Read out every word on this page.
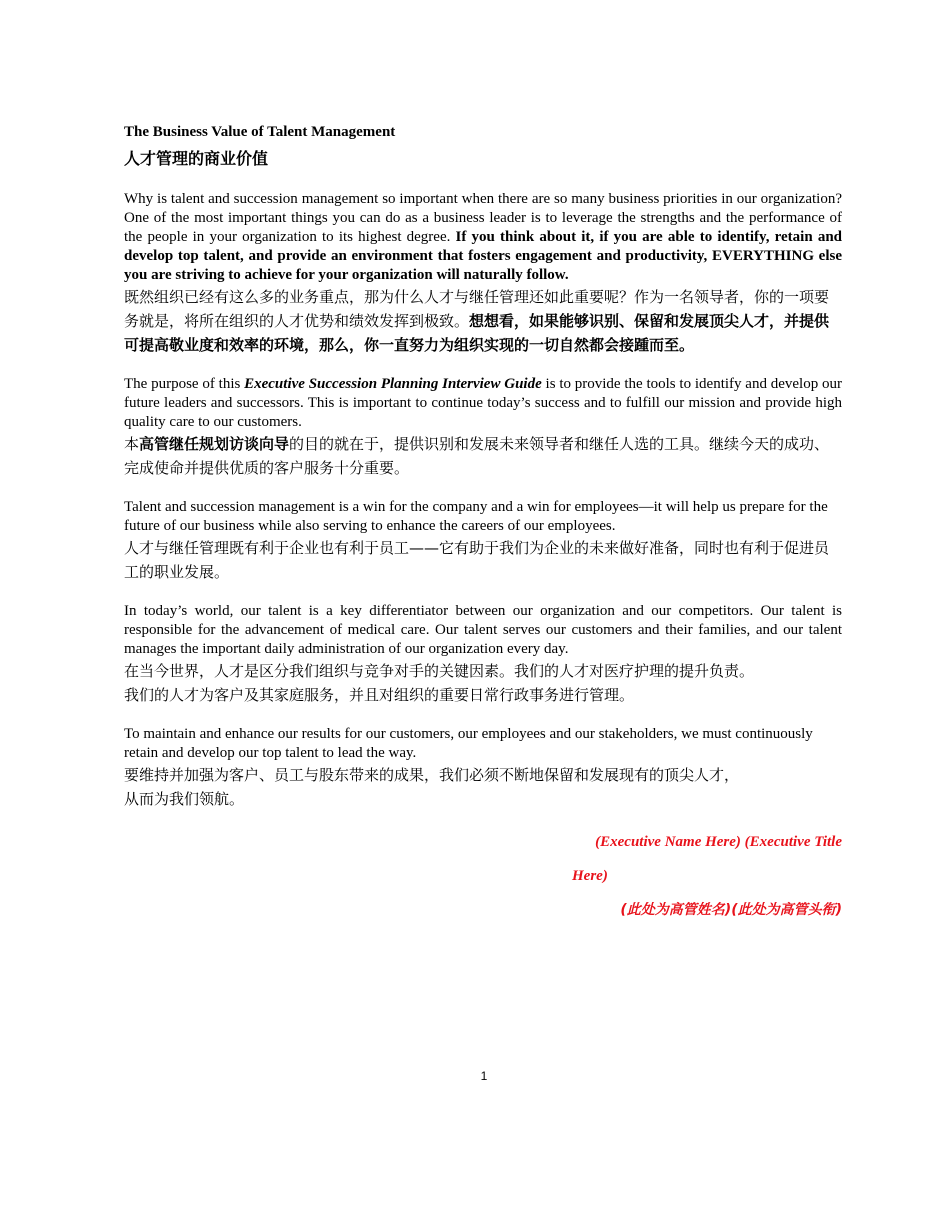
The Business Value of Talent Management

人才管理的商业价值

Why is talent and succession management so important when there are so many business priorities in our organization? One of the most important things you can do as a business leader is to leverage the strengths and the performance of the people in your organization to its highest degree. If you think about it, if you are able to identify, retain and develop top talent, and provide an environment that fosters engagement and productivity, EVERYTHING else you are striving to achieve for your organization will naturally follow.

既然组织已经有这么多的业务重点，那为什么人才与继任管理还如此重要呢？作为一名领导者，你的一项要务就是，将所在组织的人才优势和绩效发挥到极致。想想看，如果能够识别、保留和发展顶尖人才，并提供可提高敬业度和效率的环境，那么，你一直努力为组织实现的一切自然都会接踵而至。

The purpose of this Executive Succession Planning Interview Guide is to provide the tools to identify and develop our future leaders and successors. This is important to continue today’s success and to fulfill our mission and provide high quality care to our customers.

本高管继任规划访谈向导的目的就在于，提供识别和发展未来领导者和继任人选的工具。继续今天的成功、完成使命并提供优质的客户服务十分重要。

Talent and succession management is a win for the company and a win for employees—it will help us prepare for the future of our business while also serving to enhance the careers of our employees.

人才与继任管理既有利于企业也有利于员工——它有助于我们为企业的未来做好准备，同时也有利于促进员工的职业发展。

In today’s world, our talent is a key differentiator between our organization and our competitors. Our talent is responsible for the advancement of medical care. Our talent serves our customers and their families, and our talent manages the important daily administration of our organization every day.

在当今世界，人才是区分我们组织与竞争对手的关键因素。我们的人才对医疗护理的提升负责。

我们的人才为客户及其家庭服务，并且对组织的重要日常行政事务进行管理。

To maintain and enhance our results for our customers, our employees and our stakeholders, we must continuously retain and develop our top talent to lead the way.

要维持并加强为客户、员工与股东带来的成果，我们必须不断地保留和发展现有的顶尖人才，

从而为我们领航。

(Executive Name Here) (Executive Title
Here)
(此处为高管姓名)(此处为高管头衔)
1
